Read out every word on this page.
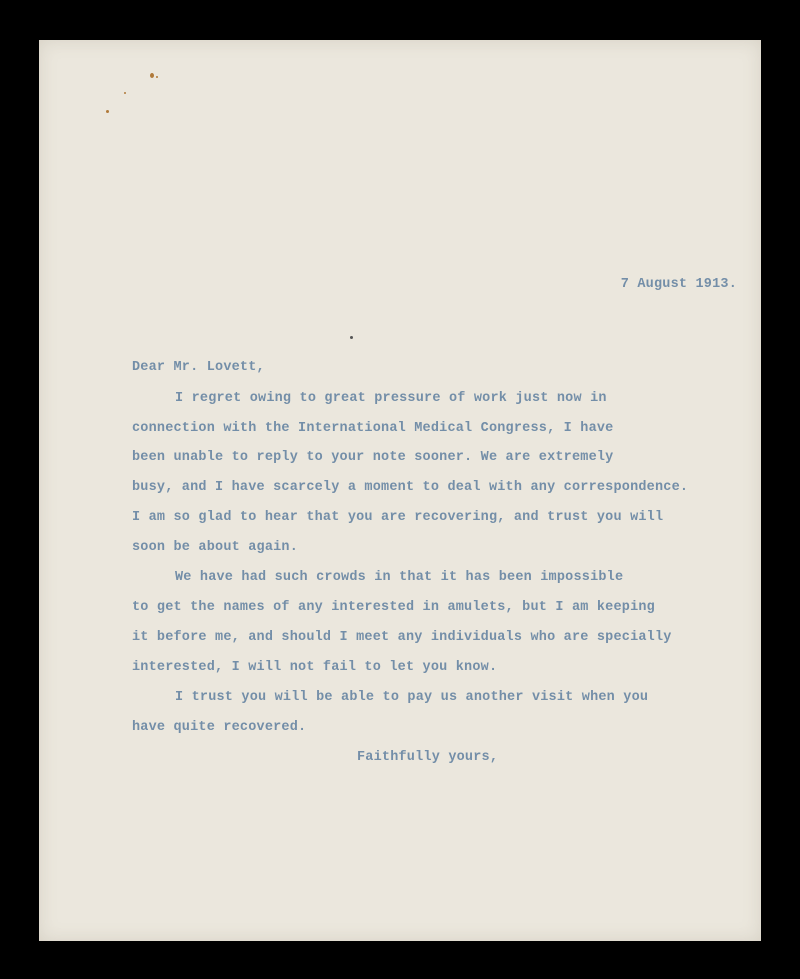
7 August 1913.
Dear Mr. Lovett,
I regret owing to great pressure of work just now in
connection with the International Medical Congress, I have
been unable to reply to your note sooner. We are extremely
busy, and I have scarcely a moment to deal with any correspondence.
I am so glad to hear that you are recovering, and trust you will
soon be about again.
We have had such crowds in that it has been impossible
to get the names of any interested in amulets, but I am keeping
it before me, and should I meet any individuals who are specially
interested, I will not fail to let you know.
I trust you will be able to pay us another visit when you
have quite recovered.
Faithfully yours,
